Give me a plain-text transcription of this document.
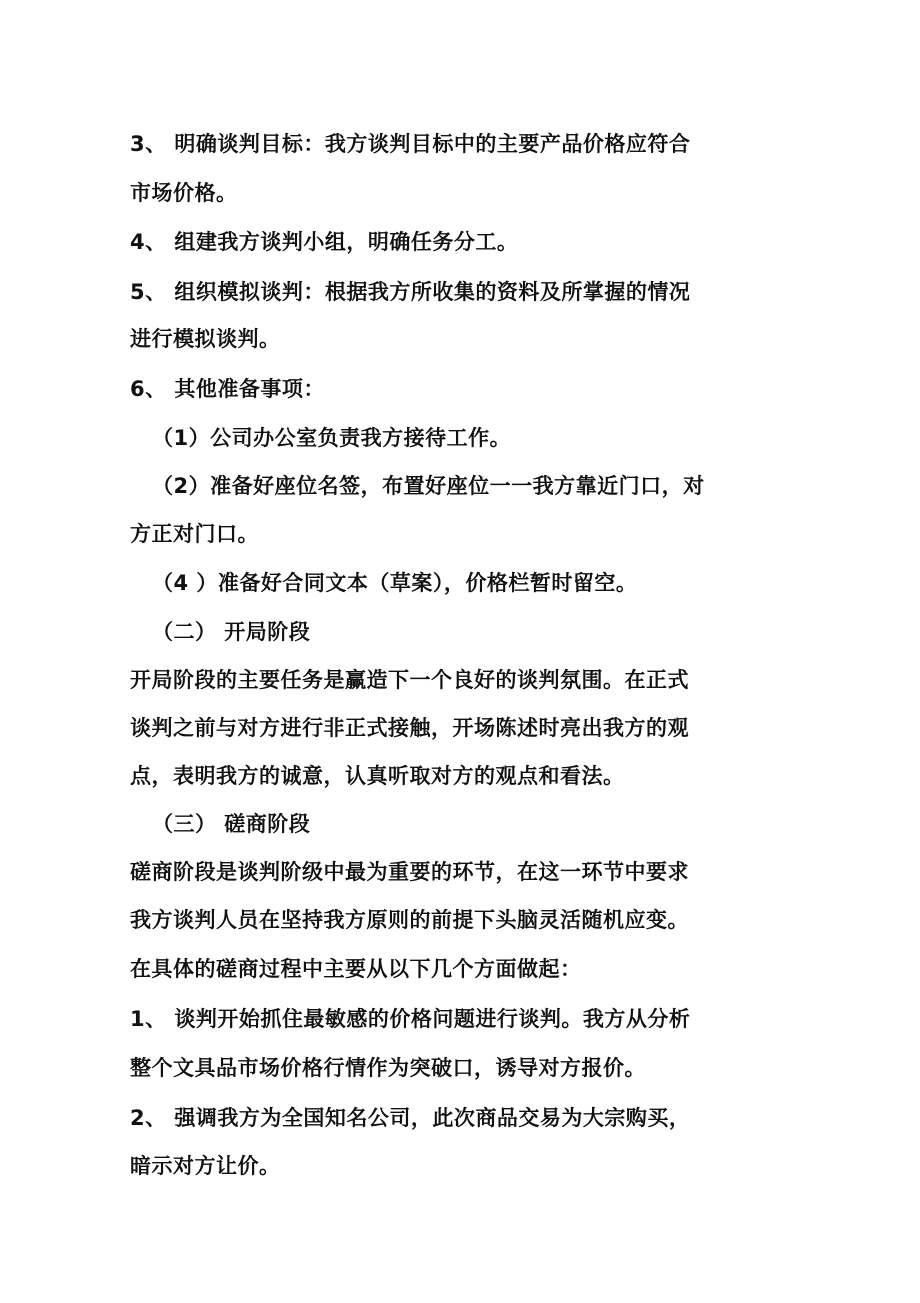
3、 明确谈判目标：我方谈判目标中的主要产品价格应符合
市场价格。
4、 组建我方谈判小组，明确任务分工。
5、 组织模拟谈判：根据我方所收集的资料及所掌握的情况
进行模拟谈判。
6、 其他准备事项：
（1）公司办公室负责我方接待工作。
（2）准备好座位名签，布置好座位一一我方靠近门口，对
方正对门口。
（4 ）准备好合同文本（草案），价格栏暂时留空。
（二） 开局阶段
开局阶段的主要任务是赢造下一个良好的谈判氛围。在正式
谈判之前与对方进行非正式接触，开场陈述时亮出我方的观
点，表明我方的诚意，认真听取对方的观点和看法。
（三） 磋商阶段
磋商阶段是谈判阶级中最为重要的环节，在这一环节中要求
我方谈判人员在坚持我方原则的前提下头脑灵活随机应变。
在具体的磋商过程中主要从以下几个方面做起：
1、 谈判开始抓住最敏感的价格问题进行谈判。我方从分析
整个文具品市场价格行情作为突破口，诱导对方报价。
2、 强调我方为全国知名公司，此次商品交易为大宗购买，
暗示对方让价。
